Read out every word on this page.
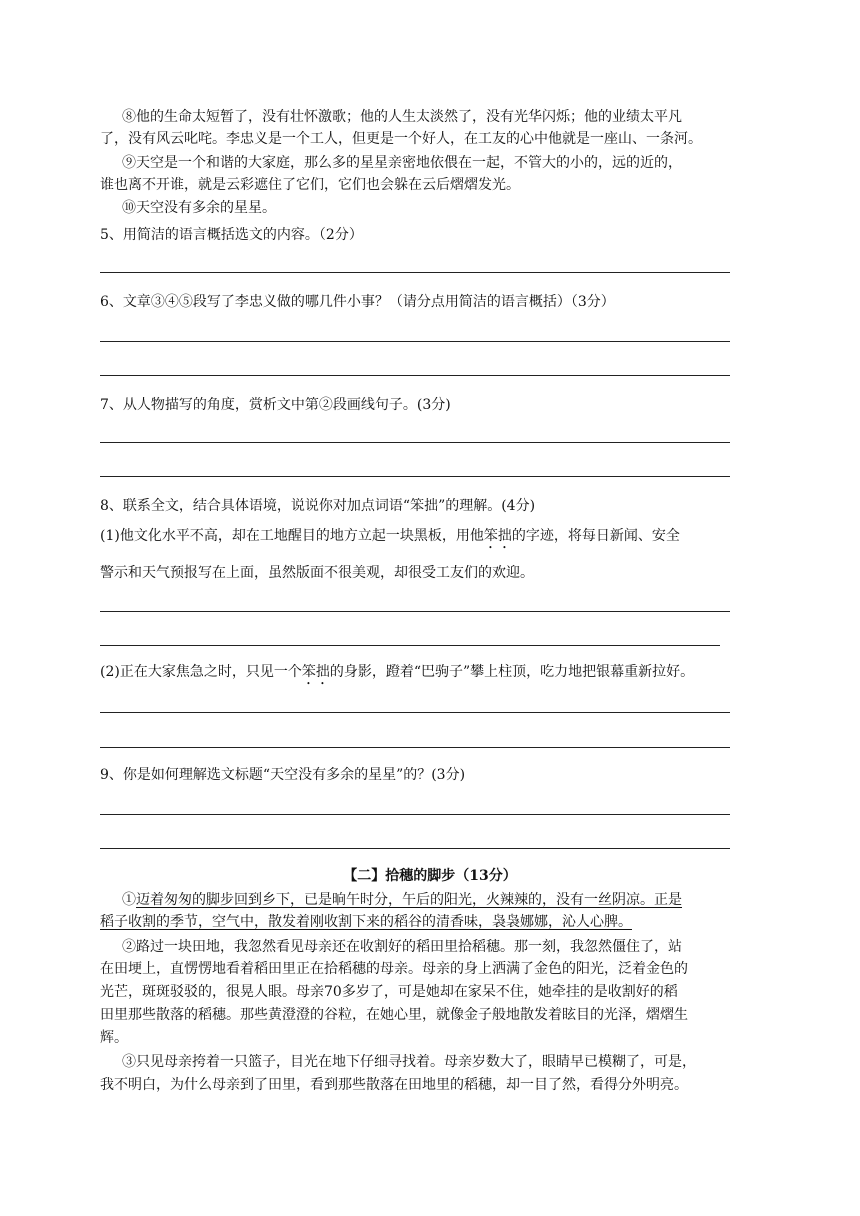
⑧他的生命太短暂了，没有壮怀激歌；他的人生太淡然了，没有光华闪烁；他的业绩太平凡
了，没有风云叱咤。李忠义是一个工人，但更是一个好人，在工友的心中他就是一座山、一条河。
⑨天空是一个和谐的大家庭，那么多的星星亲密地依偎在一起，不管大的小的，远的近的，
谁也离不开谁，就是云彩遮住了它们，它们也会躲在云后熠熠发光。
⑩天空没有多余的星星。
5、用简洁的语言概括选文的内容。（2分）
6、文章③④⑤段写了李忠义做的哪几件小事？（请分点用简洁的语言概括）（3分）
7、从人物描写的角度，赏析文中第②段画线句子。(3分)
8、联系全文，结合具体语境，说说你对加点词语“笨拙”的理解。(4分)
(1)他文化水平不高，却在工地醒目的地方立起一块黑板，用他笨拙的字迹，将每日新闻、安全
警示和天气预报写在上面，虽然版面不很美观，却很受工友们的欢迎。
(2)正在大家焦急之时，只见一个笨拙的身影，蹬着“巴驹子”攀上柱顶，吃力地把银幕重新拉好。
9、你是如何理解选文标题“天空没有多余的星星”的？(3分)
【二】拾穗的脚步（13分）
①迈着匆匆的脚步回到乡下，已是晌午时分，午后的阳光，火辣辣的，没有一丝阴凉。正是
稻子收割的季节，空气中，散发着刚收割下来的稻谷的清香味，袅袅娜娜，沁人心脾。
②路过一块田地，我忽然看见母亲还在收割好的稻田里拾稻穗。那一刻，我忽然僵住了，站
在田埂上，直愣愣地看着稻田里正在拾稻穗的母亲。母亲的身上洒满了金色的阳光，泛着金色的
光芒，斑斑驳驳的，很晃人眼。母亲70多岁了，可是她却在家呆不住，她牵挂的是收割好的稻
田里那些散落的稻穗。那些黄澄澄的谷粒，在她心里，就像金子般地散发着眩目的光泽，熠熠生
辉。
③只见母亲挎着一只篮子，目光在地下仔细寻找着。母亲岁数大了，眼睛早已模糊了，可是，
我不明白，为什么母亲到了田里，看到那些散落在田地里的稻穗，却一目了然，看得分外明亮。
